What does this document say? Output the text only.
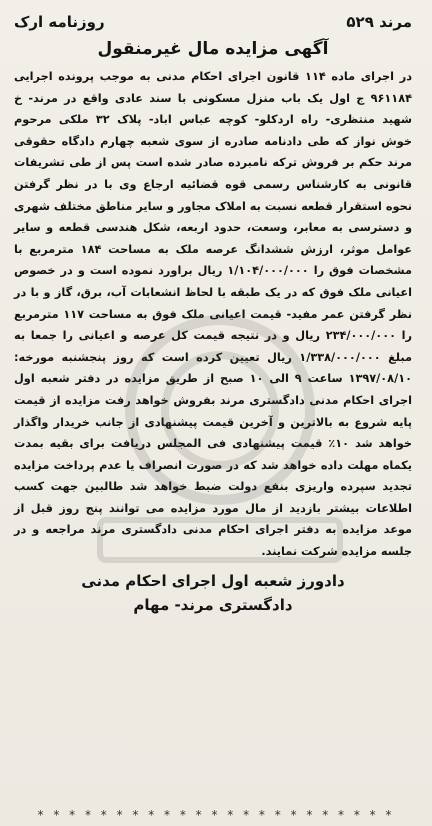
مرند ۵۲۹
روزنامه ارک
آگهی مزایده مال غیرمنقول
در اجرای ماده ۱۱۴ قانون اجرای احکام مدنی به موجب پرونده اجرایی ۹۶۱۱۸۴ ج اول یک باب منزل مسکونی با سند عادی واقع در مرند- خ شهید منتظری- راه اردکلو- کوچه عباس اباد- پلاک ۳۲ ملکی مرحوم خوش نواز که طی دادنامه صادره از سوی شعبه چهارم دادگاه حقوقی مرند حکم بر فروش ترکه نامبرده صادر شده است پس از طی تشریفات قانونی به کارشناس رسمی قوه قضائیه ارجاع وی با در نظر گرفتن نحوه استقرار قطعه نسبت به املاک مجاور و سایر مناطق مختلف شهری و دسترسی به معابر، وسعت، حدود اربعه، شکل هندسی قطعه و سایر عوامل موثر، ارزش ششدانگ عرصه ملک به مساحت ۱۸۴ مترمربع با مشخصات فوق را ۱/۱۰۴/۰۰۰/۰۰۰ ریال براورد نموده است و در خصوص اعیانی ملک فوق که در یک طبقه با لحاظ انشعابات آب، برق، گاز و با در نظر گرفتن عمر مفید- قیمت اعیانی ملک فوق به مساحت ۱۱۷ مترمربع را ۲۳۴/۰۰۰/۰۰۰ ریال و در نتیجه قیمت کل عرصه و اعیانی را جمعا به مبلغ ۱/۳۳۸/۰۰۰/۰۰۰ ریال تعیین کرده است که روز پنجشنبه مورخه: ۱۳۹۷/۰۸/۱۰ ساعت ۹ الی ۱۰ صبح از طریق مزایده در دفتر شعبه اول اجرای احکام مدنی دادگستری مرند بفروش خواهد رفت مزایده از قیمت پایه شروع به بالاترین و آخرین قیمت پیشنهادی از جانب خریدار واگذار خواهد شد ۱۰٪ قیمت پیشنهادی فی المجلس دریافت برای بقیه بمدت یکماه مهلت داده خواهد شد که در صورت انصراف یا عدم پرداخت مزایده تجدید سپرده واریزی بنفع دولت ضبط خواهد شد طالبین جهت کسب اطلاعات بیشتر بازدید از مال مورد مزایده می توانند پنج روز قبل از موعد مزایده به دفتر اجرای احکام مدنی دادگستری مرند مراجعه و در جلسه مزایده شرکت نمایند.
دادورز شعبه اول اجرای احکام مدنی
دادگستری مرند- مهام
* * * * * * * * * * * * * * * * * * * * * * *
